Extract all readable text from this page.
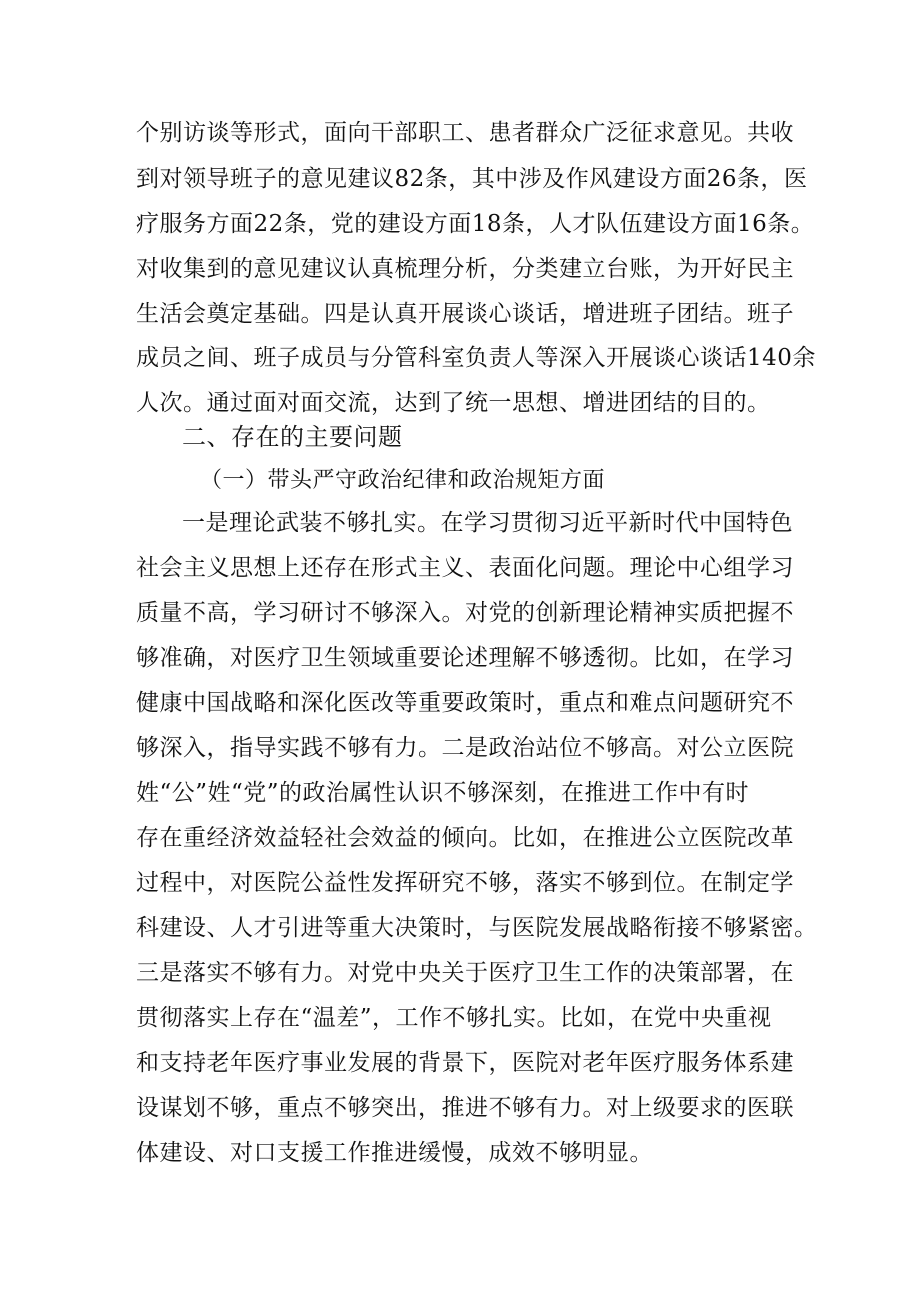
个别访谈等形式，面向干部职工、患者群众广泛征求意见。共收
到对领导班子的意见建议82条，其中涉及作风建设方面26条，医
疗服务方面22条，党的建设方面18条，人才队伍建设方面16条。
对收集到的意见建议认真梳理分析，分类建立台账，为开好民主
生活会奠定基础。四是认真开展谈心谈话，增进班子团结。班子
成员之间、班子成员与分管科室负责人等深入开展谈心谈话140余
人次。通过面对面交流，达到了统一思想、增进团结的目的。
二、存在的主要问题
（一）带头严守政治纪律和政治规矩方面
一是理论武装不够扎实。在学习贯彻习近平新时代中国特色
社会主义思想上还存在形式主义、表面化问题。理论中心组学习
质量不高，学习研讨不够深入。对党的创新理论精神实质把握不
够准确，对医疗卫生领域重要论述理解不够透彻。比如，在学习
健康中国战略和深化医改等重要政策时，重点和难点问题研究不
够深入，指导实践不够有力。二是政治站位不够高。对公立医院
姓“公”姓“党”的政治属性认识不够深刻，在推进工作中有时
存在重经济效益轻社会效益的倾向。比如，在推进公立医院改革
过程中，对医院公益性发挥研究不够，落实不够到位。在制定学
科建设、人才引进等重大决策时，与医院发展战略衔接不够紧密。
三是落实不够有力。对党中央关于医疗卫生工作的决策部署，在
贯彻落实上存在“温差”，工作不够扎实。比如，在党中央重视
和支持老年医疗事业发展的背景下，医院对老年医疗服务体系建
设谋划不够，重点不够突出，推进不够有力。对上级要求的医联
体建设、对口支援工作推进缓慢，成效不够明显。
